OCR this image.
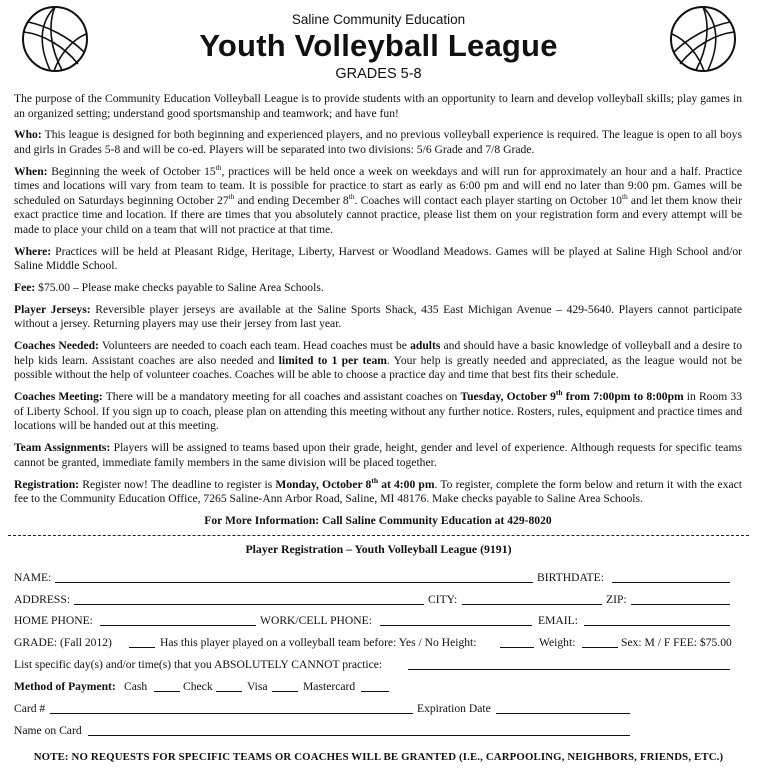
Saline Community Education
Youth Volleyball League
GRADES 5-8

The purpose of the Community Education Volleyball League is to provide students with an opportunity to learn and develop volleyball skills; play games in an organized setting; understand good sportsmanship and teamwork; and have fun!

Who: This league is designed for both beginning and experienced players, and no previous volleyball experience is required. The league is open to all boys and girls in Grades 5-8 and will be co-ed. Players will be separated into two divisions: 5/6 Grade and 7/8 Grade.

When: Beginning the week of October 15th, practices will be held once a week on weekdays and will run for approximately an hour and a half. Practice times and locations will vary from team to team. It is possible for practice to start as early as 6:00 pm and will end no later than 9:00 pm. Games will be scheduled on Saturdays beginning October 27th and ending December 8th. Coaches will contact each player starting on October 10th and let them know their exact practice time and location. If there are times that you absolutely cannot practice, please list them on your registration form and every attempt will be made to place your child on a team that will not practice at that time.

Where: Practices will be held at Pleasant Ridge, Heritage, Liberty, Harvest or Woodland Meadows. Games will be played at Saline High School and/or Saline Middle School.

Fee: $75.00 – Please make checks payable to Saline Area Schools.

Player Jerseys: Reversible player jerseys are available at the Saline Sports Shack, 435 East Michigan Avenue – 429-5640. Players cannot participate without a jersey. Returning players may use their jersey from last year.

Coaches Needed: Volunteers are needed to coach each team. Head coaches must be adults and should have a basic knowledge of volleyball and a desire to help kids learn. Assistant coaches are also needed and limited to 1 per team. Your help is greatly needed and appreciated, as the league would not be possible without the help of volunteer coaches. Coaches will be able to choose a practice day and time that best fits their schedule.

Coaches Meeting: There will be a mandatory meeting for all coaches and assistant coaches on Tuesday, October 9th from 7:00pm to 8:00pm in Room 33 of Liberty School. If you sign up to coach, please plan on attending this meeting without any further notice. Rosters, rules, equipment and practice times and locations will be handed out at this meeting.

Team Assignments: Players will be assigned to teams based upon their grade, height, gender and level of experience. Although requests for specific teams cannot be granted, immediate family members in the same division will be placed together.

Registration: Register now! The deadline to register is Monday, October 8th at 4:00 pm. To register, complete the form below and return it with the exact fee to the Community Education Office, 7265 Saline-Ann Arbor Road, Saline, MI 48176. Make checks payable to Saline Area Schools.

For More Information: Call Saline Community Education at 429-8020

Player Registration – Youth Volleyball League (9191)
NAME:	BIRTHDATE:
ADDRESS:	CITY:	ZIP:
HOME PHONE:	WORK/CELL PHONE:	EMAIL:
GRADE: (Fall 2012)	Has this player played on a volleyball team before: Yes / No Height:	Weight:	Sex: M / F FEE: $75.00
List specific day(s) and/or time(s) that you ABSOLUTELY CANNOT practice:
Method of Payment: Cash	Check	Visa	Mastercard
Card #	Expiration Date
Name on Card
NOTE: NO REQUESTS FOR SPECIFIC TEAMS OR COACHES WILL BE GRANTED (I.E., CARPOOLING, NEIGHBORS, FRIENDS, ETC.)
